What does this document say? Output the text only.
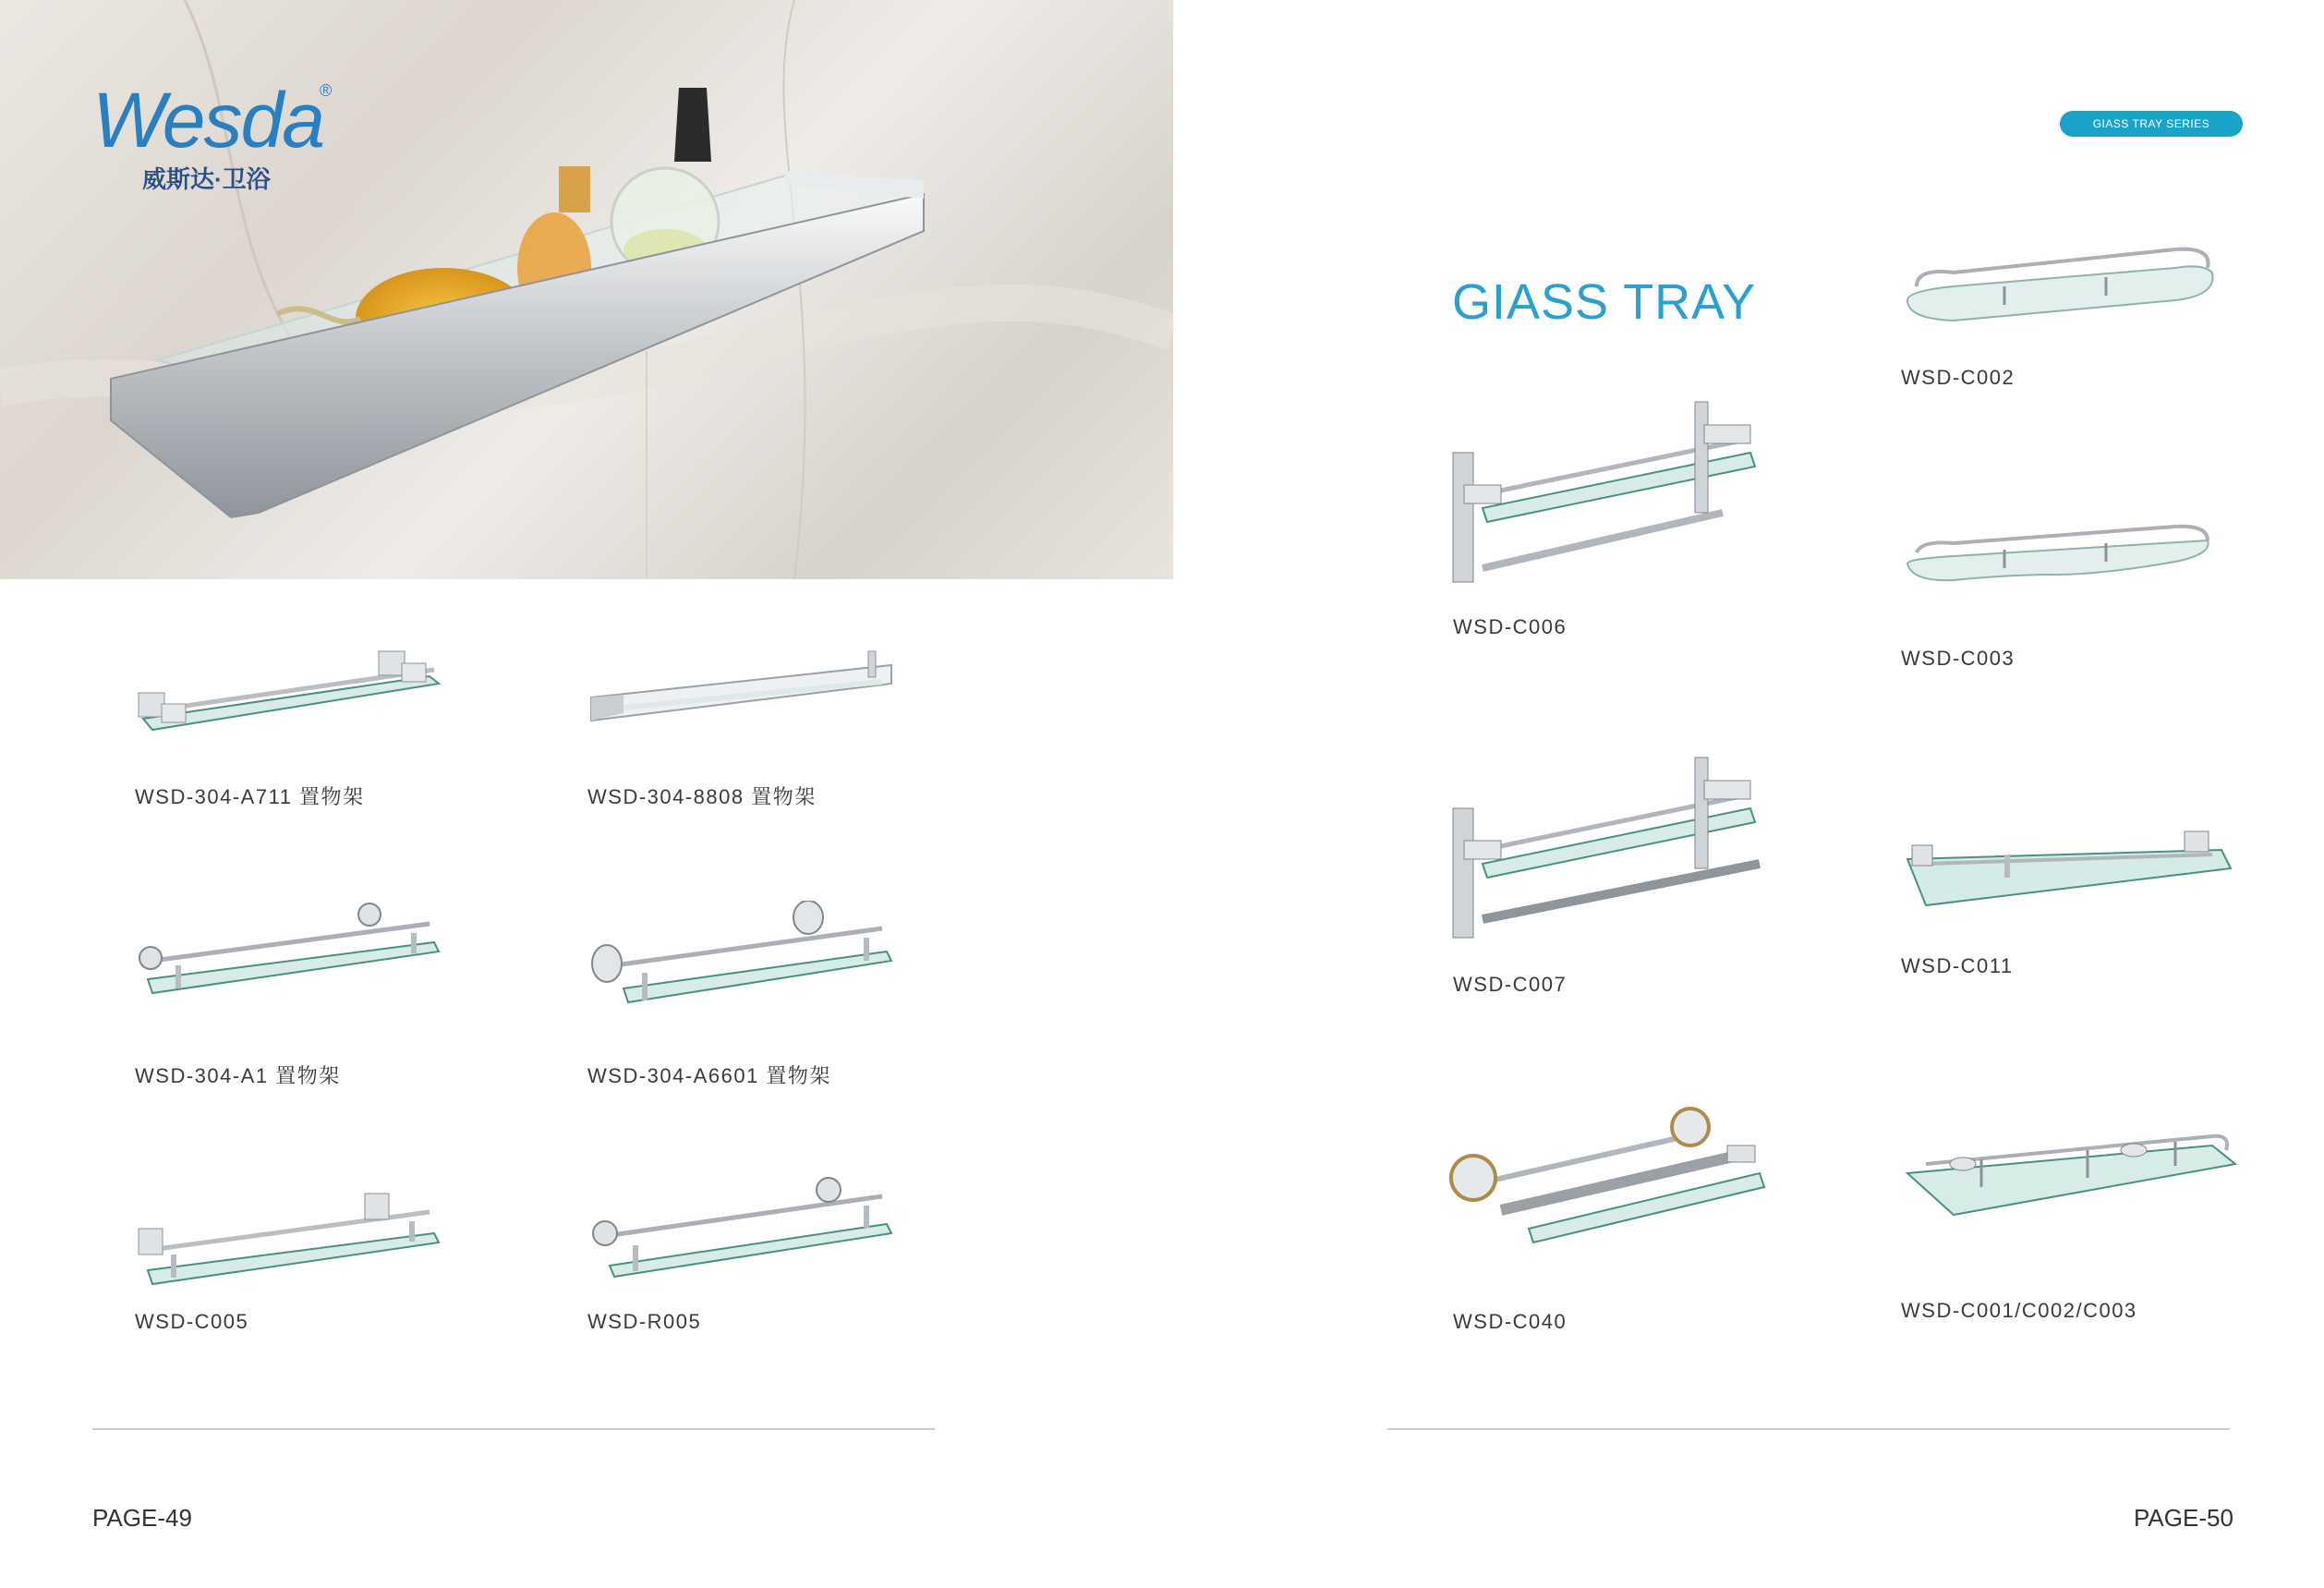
Wesda
®
威斯达·卫浴
GIASS TRAY SERIES
GIASS TRAY
WSD-304-A711 置物架	WSD-304-8808 置物架
WSD-304-A1 置物架	WSD-304-A6601 置物架
WSD-C005	WSD-R005
WSD-C006
WSD-C002
WSD-C003
WSD-C007
WSD-C011
WSD-C040	WSD-C001/C002/C003
PAGE-49	PAGE-50
